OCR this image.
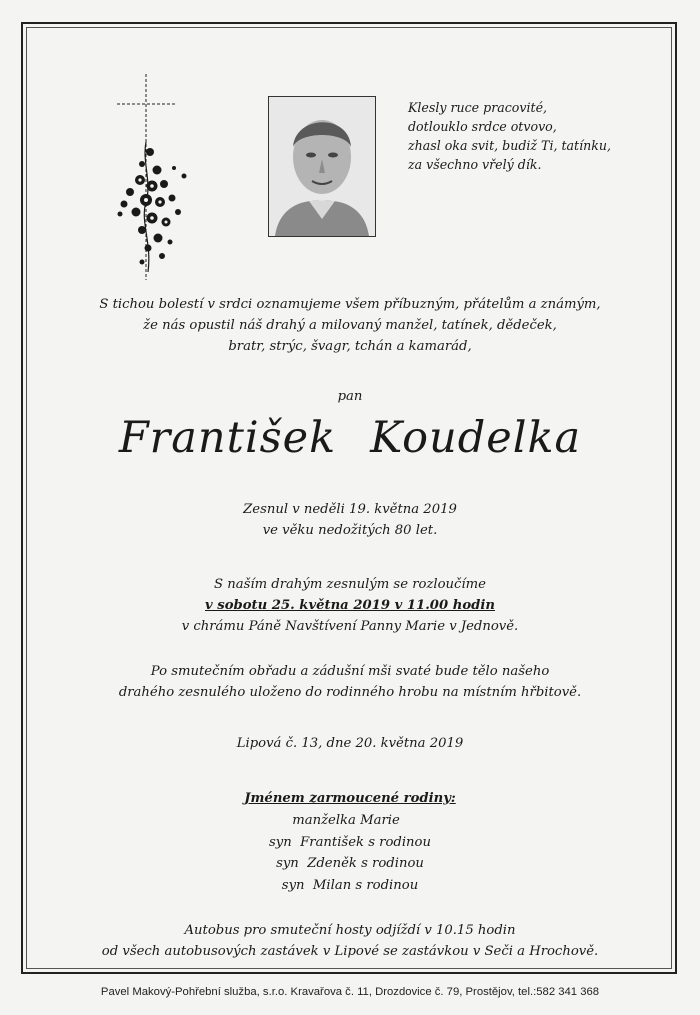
Klesly ruce pracovité,
dotlouklo srdce otvovo,
zhasl oka svit, budiž Ti, tatínku,
za všechno vřelý dík.
S tichou bolestí v srdci oznamujeme všem příbuzným, přátelům a známým,
že nás opustil náš drahý a milovaný manžel, tatínek, dědeček,
bratr, strýc, švagr, tchán a kamarád,
pan
František Koudelka
Zesnul v neděli 19. května 2019
ve věku nedožitých 80 let.
S naším drahým zesnulým se rozloučíme
v sobotu 25. května 2019 v 11.00 hodin
v chrámu Páně Navštívení Panny Marie v Jednově.
Po smutečním obřadu a zádušní mši svaté bude tělo našeho
drahého zesnulého uloženo do rodinného hrobu na místním hřbitově.
Lipová č. 13, dne 20. května 2019
Jménem zarmoucené rodiny:
manželka Marie
syn František s rodinou
syn Zdeněk s rodinou
syn Milan s rodinou
Autobus pro smuteční hosty odjíždí v 10.15 hodin
od všech autobusových zastávek v Lipové se zastávkou v Seči a Hrochově.
Pavel Makový-Pohřební služba, s.r.o. Kravařova č. 11, Drozdovice č. 79, Prostějov, tel.:582 341 368
